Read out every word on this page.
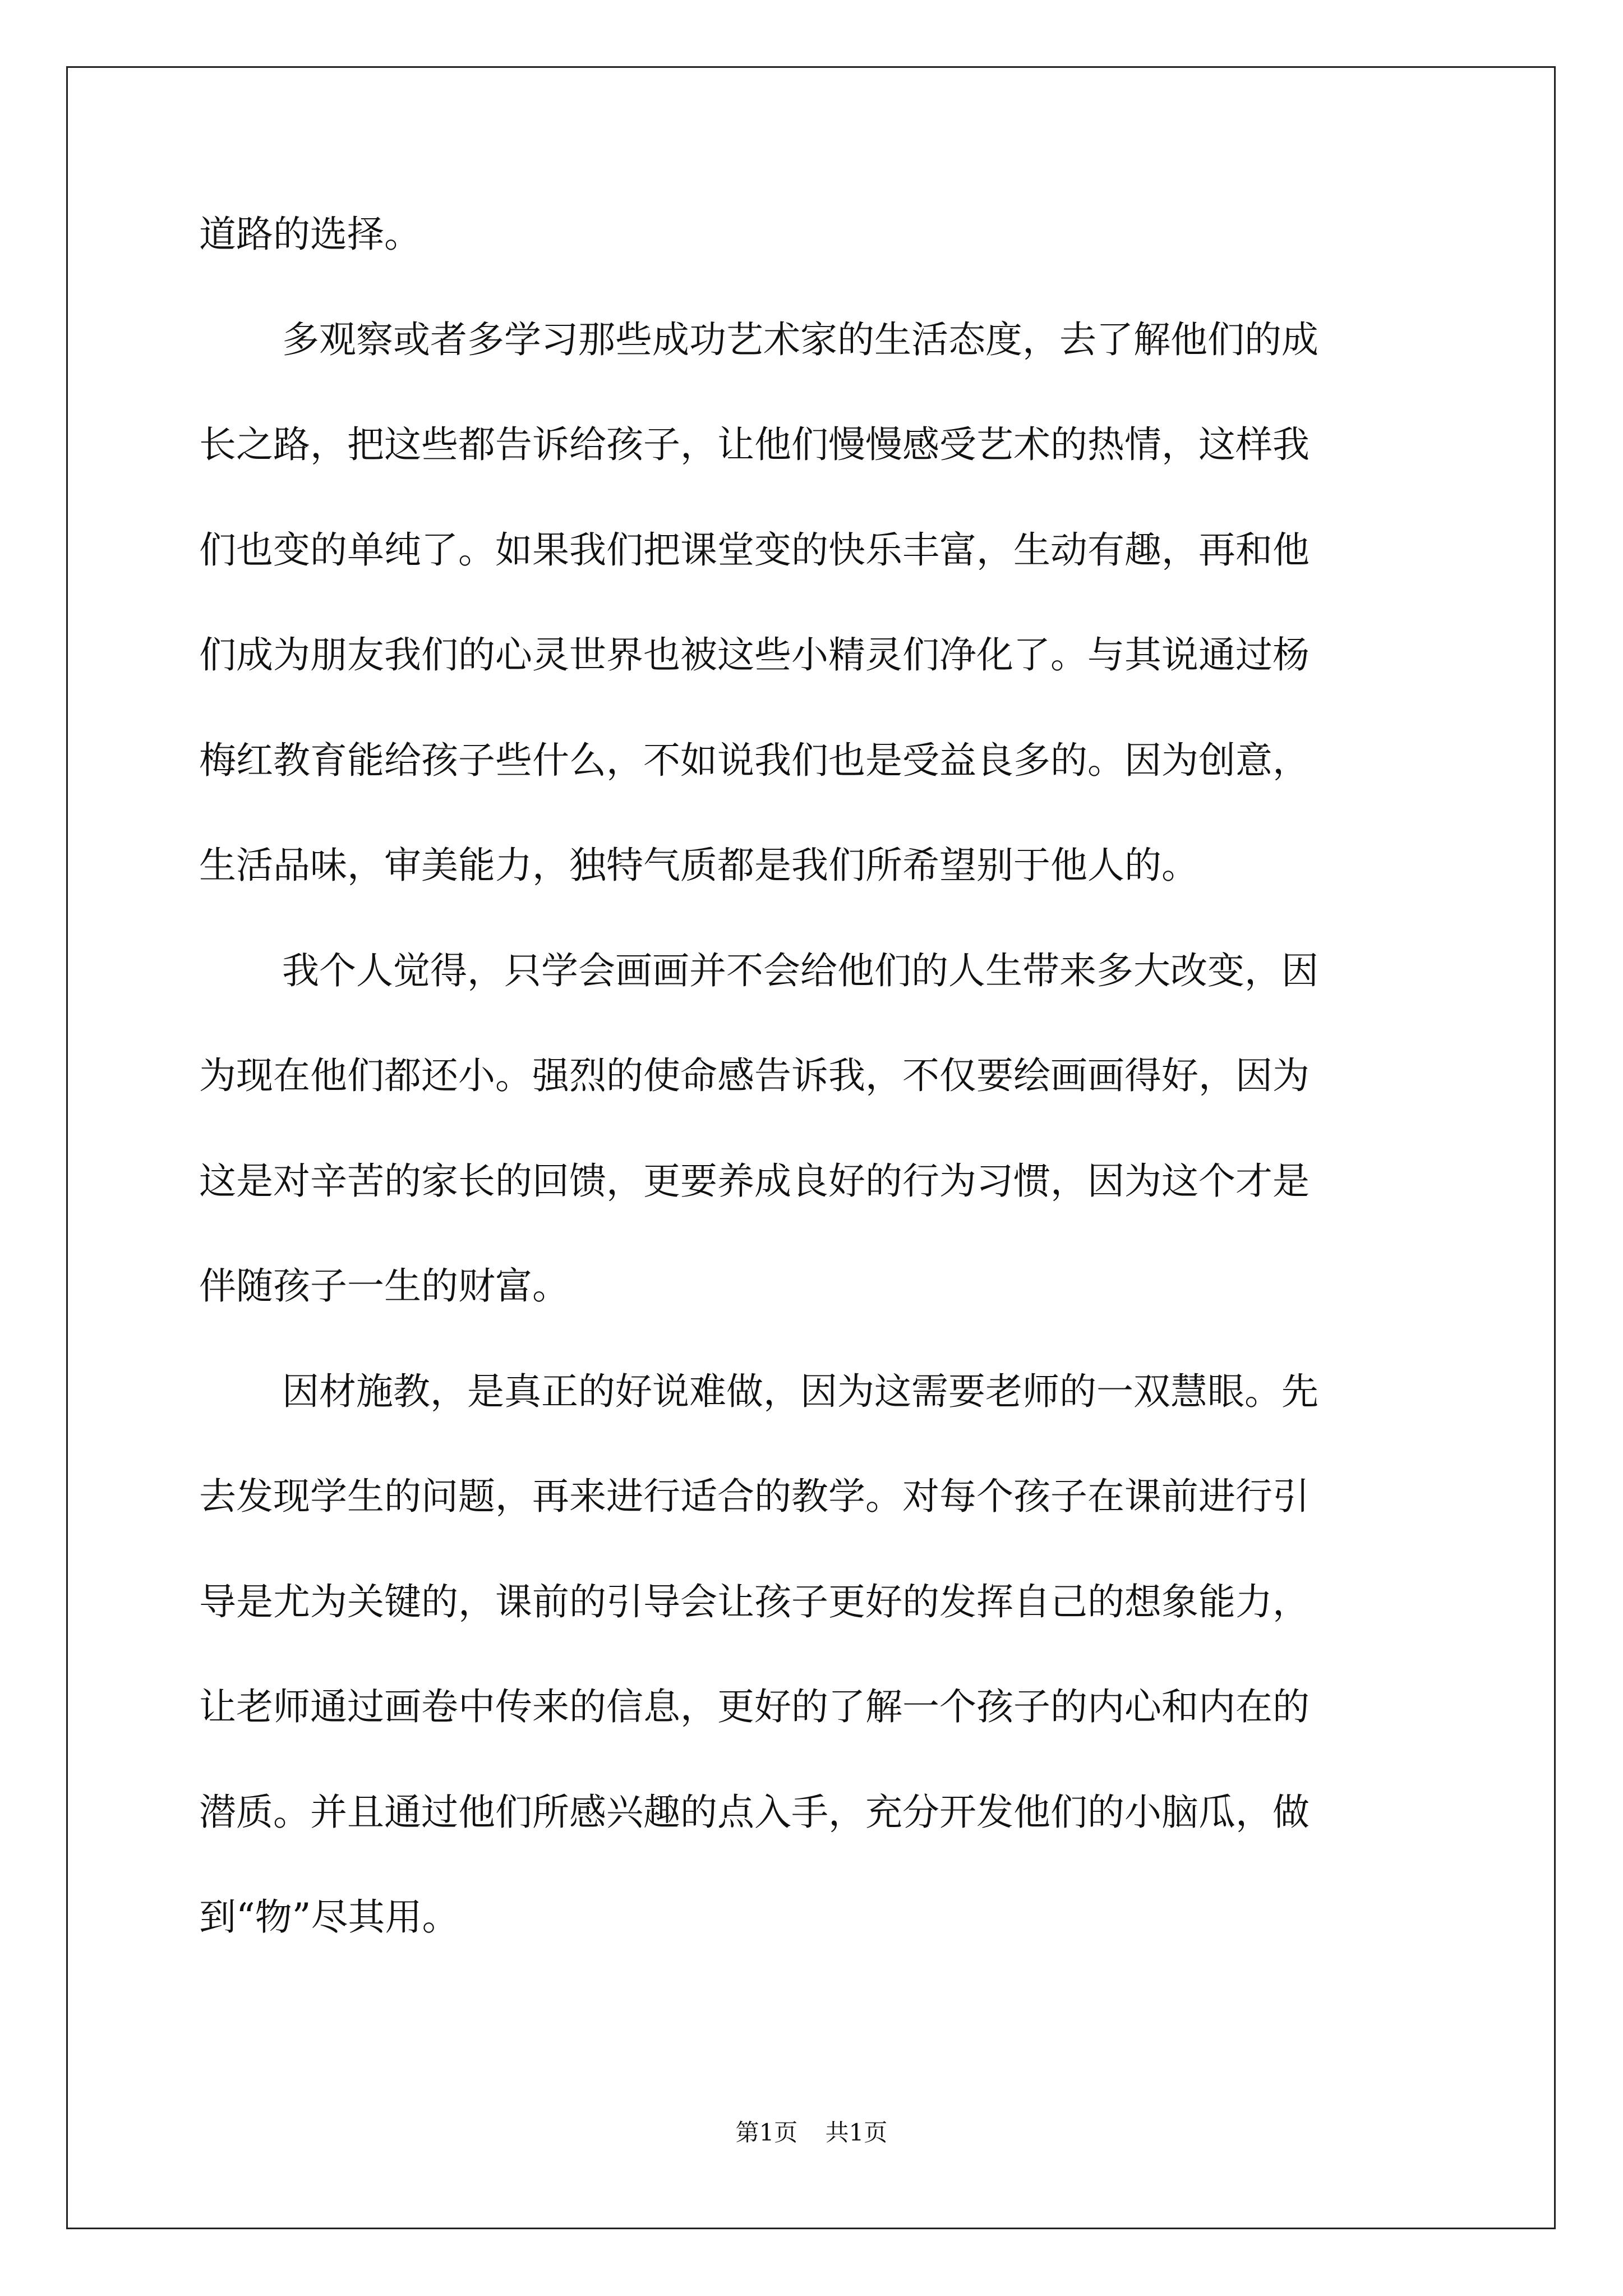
道路的选择。
多观察或者多学习那些成功艺术家的生活态度，去了解他们的成
长之路，把这些都告诉给孩子，让他们慢慢感受艺术的热情，这样我
们也变的单纯了。如果我们把课堂变的快乐丰富，生动有趣，再和他
们成为朋友我们的心灵世界也被这些小精灵们净化了。与其说通过杨
梅红教育能给孩子些什么，不如说我们也是受益良多的。因为创意，
生活品味，审美能力，独特气质都是我们所希望别于他人的。
我个人觉得，只学会画画并不会给他们的人生带来多大改变，因
为现在他们都还小。强烈的使命感告诉我，不仅要绘画画得好，因为
这是对辛苦的家长的回馈，更要养成良好的行为习惯，因为这个才是
伴随孩子一生的财富。
因材施教，是真正的好说难做，因为这需要老师的一双慧眼。先
去发现学生的问题，再来进行适合的教学。对每个孩子在课前进行引
导是尤为关键的，课前的引导会让孩子更好的发挥自己的想象能力，
让老师通过画卷中传来的信息，更好的了解一个孩子的内心和内在的
潜质。并且通过他们所感兴趣的点入手，充分开发他们的小脑瓜，做
到“物”尽其用。
第1页 共1页
